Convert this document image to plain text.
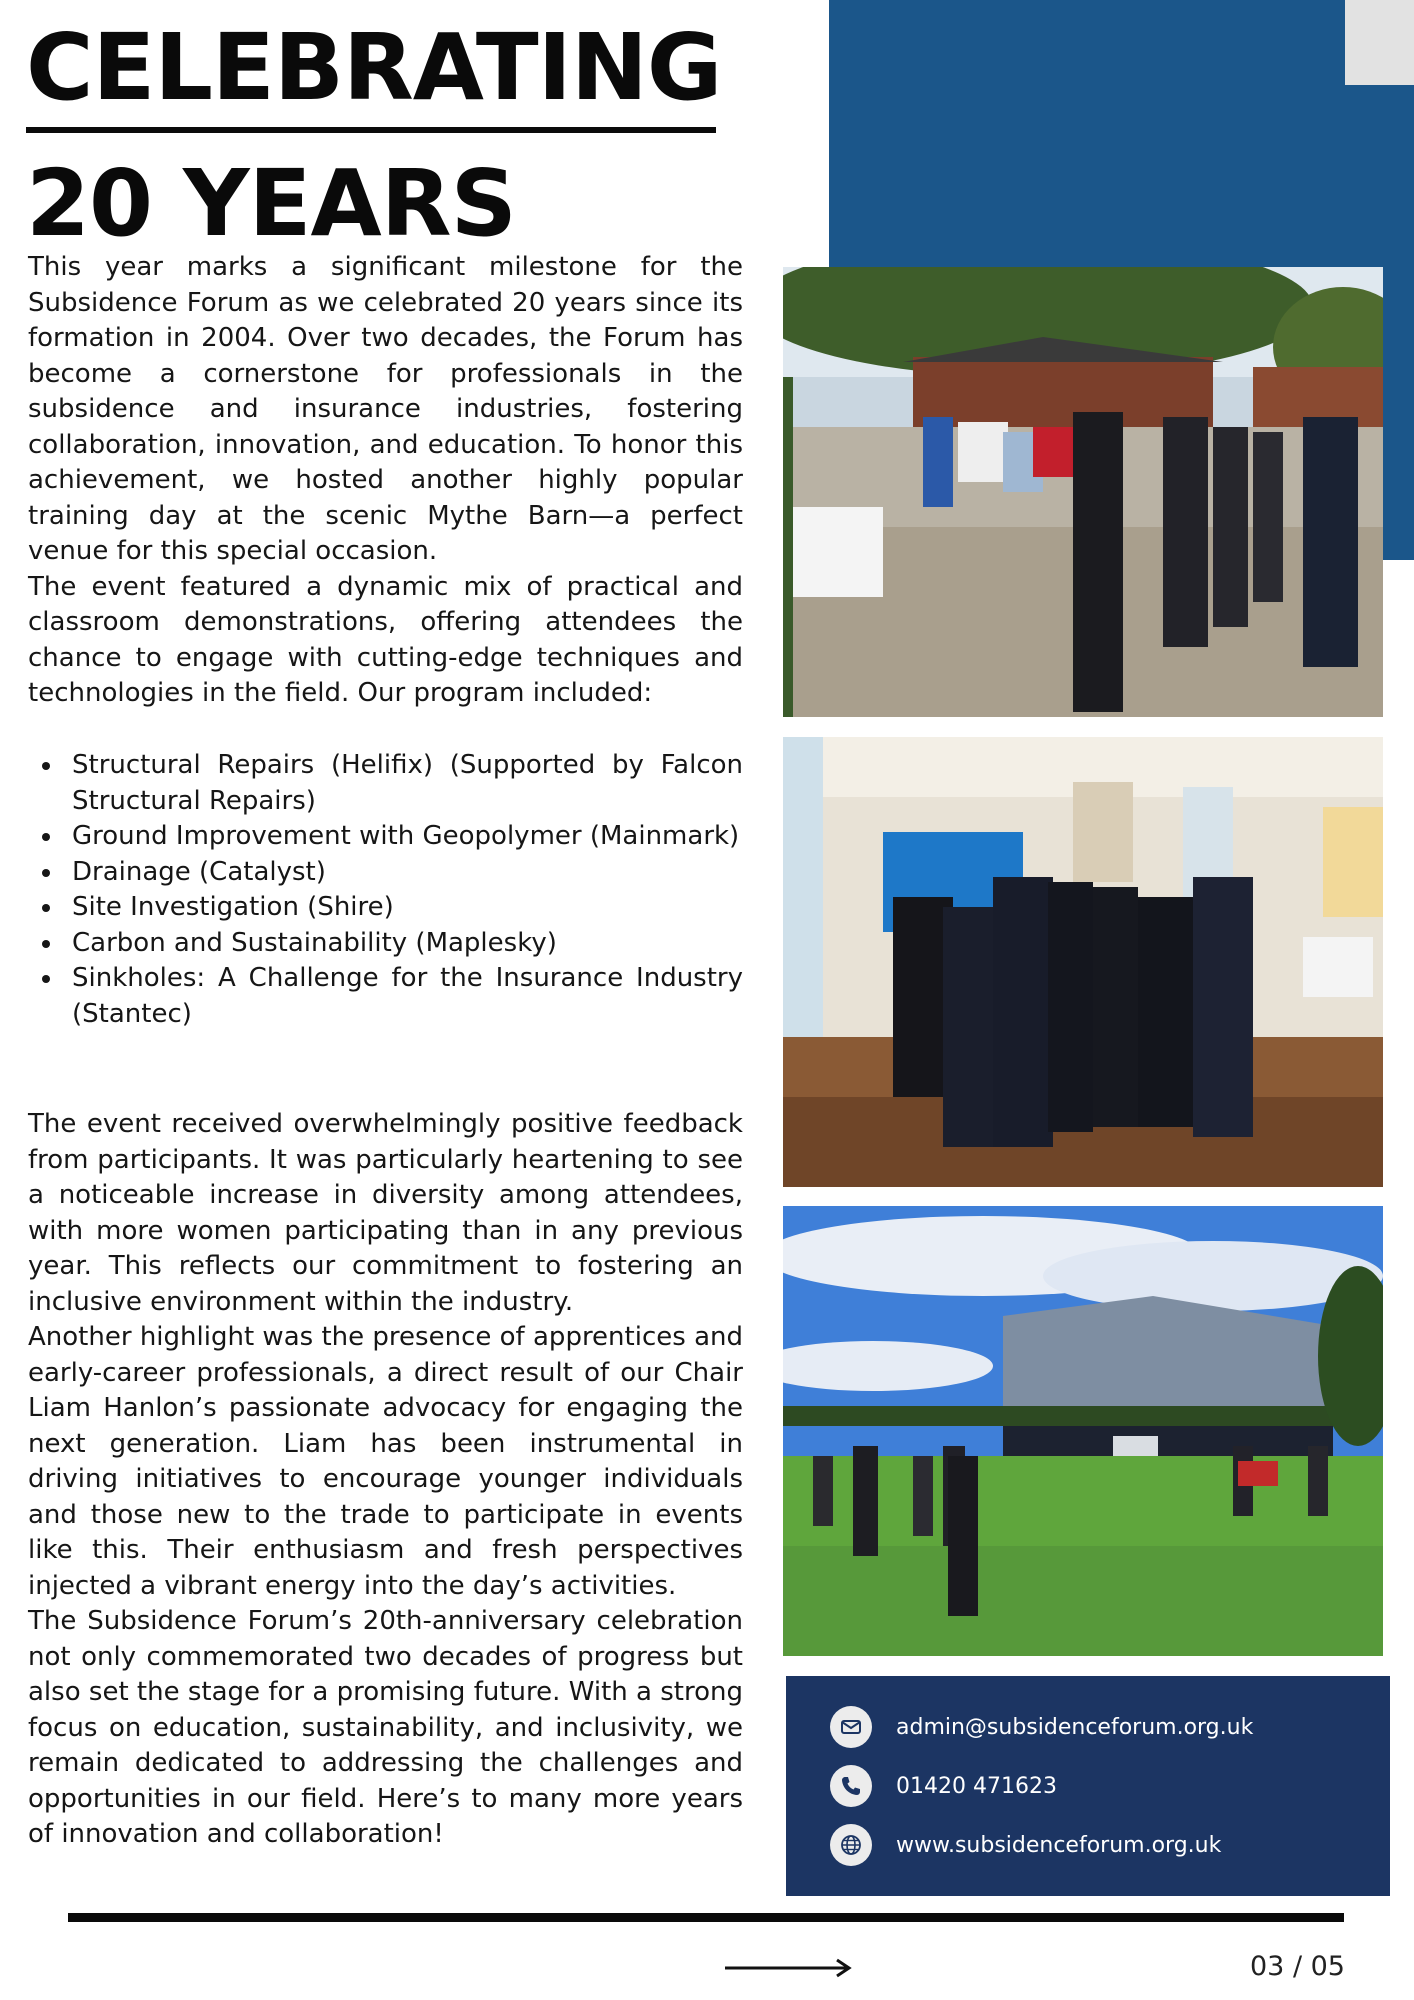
CELEBRATING
20 YEARS

This year marks a significant milestone for the Subsidence Forum as we celebrated 20 years since its formation in 2004. Over two decades, the Forum has become a cornerstone for professionals in the subsidence and insurance industries, fostering collaboration, innovation, and education. To honor this achievement, we hosted another highly popular training day at the scenic Mythe Barn—a perfect venue for this special occasion.

The event featured a dynamic mix of practical and classroom demonstrations, offering attendees the chance to engage with cutting-edge techniques and technologies in the field. Our program included:

Structural Repairs (Helifix) (Supported by Falcon Structural Repairs)
Ground Improvement with Geopolymer (Mainmark)
Drainage (Catalyst)
Site Investigation (Shire)
Carbon and Sustainability (Maplesky)
Sinkholes: A Challenge for the Insurance Industry (Stantec)

The event received overwhelmingly positive feedback from participants. It was particularly heartening to see a noticeable increase in diversity among attendees, with more women participating than in any previous year. This reflects our commitment to fostering an inclusive environment within the industry.

Another highlight was the presence of apprentices and early-career professionals, a direct result of our Chair Liam Hanlon’s passionate advocacy for engaging the next generation. Liam has been instrumental in driving initiatives to encourage younger individuals and those new to the trade to participate in events like this. Their enthusiasm and fresh perspectives injected a vibrant energy into the day’s activities.

The Subsidence Forum’s 20th-anniversary celebration not only commemorated two decades of progress but also set the stage for a promising future. With a strong focus on education, sustainability, and inclusivity, we remain dedicated to addressing the challenges and opportunities in our field. Here’s to many more years of innovation and collaboration!

admin@subsidenceforum.org.uk
01420 471623
www.subsidenceforum.org.uk
03 / 05
